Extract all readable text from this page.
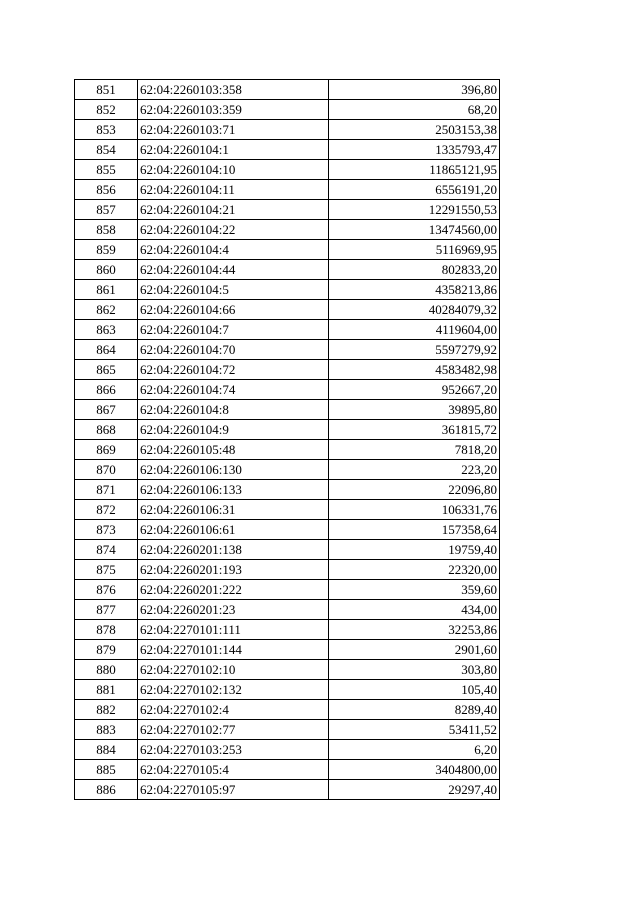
851	62:04:2260103:358	396,80
852	62:04:2260103:359	68,20
853	62:04:2260103:71	2503153,38
854	62:04:2260104:1	1335793,47
855	62:04:2260104:10	11865121,95
856	62:04:2260104:11	6556191,20
857	62:04:2260104:21	12291550,53
858	62:04:2260104:22	13474560,00
859	62:04:2260104:4	5116969,95
860	62:04:2260104:44	802833,20
861	62:04:2260104:5	4358213,86
862	62:04:2260104:66	40284079,32
863	62:04:2260104:7	4119604,00
864	62:04:2260104:70	5597279,92
865	62:04:2260104:72	4583482,98
866	62:04:2260104:74	952667,20
867	62:04:2260104:8	39895,80
868	62:04:2260104:9	361815,72
869	62:04:2260105:48	7818,20
870	62:04:2260106:130	223,20
871	62:04:2260106:133	22096,80
872	62:04:2260106:31	106331,76
873	62:04:2260106:61	157358,64
874	62:04:2260201:138	19759,40
875	62:04:2260201:193	22320,00
876	62:04:2260201:222	359,60
877	62:04:2260201:23	434,00
878	62:04:2270101:111	32253,86
879	62:04:2270101:144	2901,60
880	62:04:2270102:10	303,80
881	62:04:2270102:132	105,40
882	62:04:2270102:4	8289,40
883	62:04:2270102:77	53411,52
884	62:04:2270103:253	6,20
885	62:04:2270105:4	3404800,00
886	62:04:2270105:97	29297,40
